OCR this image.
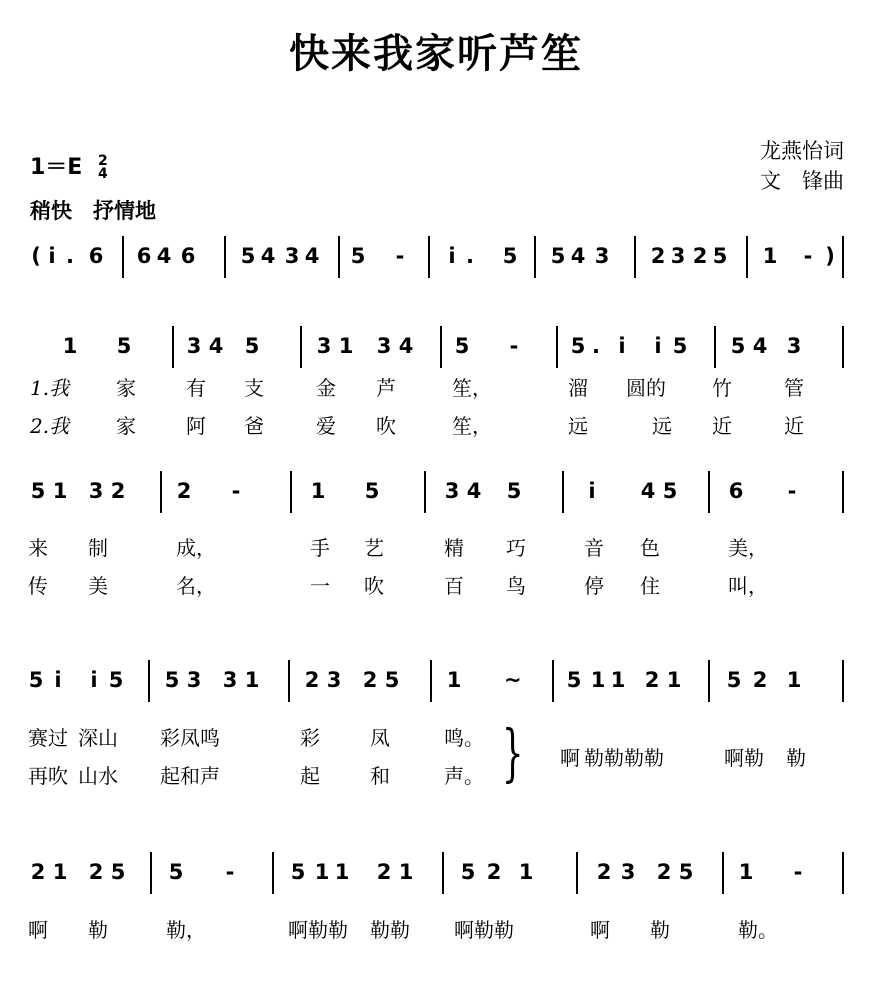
快来我家听芦笙
龙燕怡词
文　锋曲
1＝E 2
4
稍快　抒情地
( i . 6 6 4 6 5 4 3 4 5 - i . 5 5 4 3 2 3 2 5 1 - )
1 5	3 4 5	3 1 3 4 5 - 5 . i i 5 5 4 3
1.我 家	有 支	金 芦	笙，	溜 圆的 竹	管
2.我 家	阿 爸	爱 吹	笙，	远	远 近	近
5 1 3 2 2 -	1 5	3 4 5	i 4 5 6 -
来 制	成，	手 艺	精 巧	音 色	美，
传 美	名，	一 吹	百 鸟	停 住	叫，
5 i i 5 5 3 3 1 2 3 2 5 1 ~ 5 1 1 2 1 5 2 1
赛过 深山 彩凤鸣	彩	凤	鸣。
再吹 山水 起和声	起	和	声。 } 啊 勒勒勒勒	啊勒 勒
2 1 2 5 5 -	5 1 1 2 1 5 2 1	2 3 2 5 1 -
啊 勒	勒，	啊勒勒 勒勒 啊勒勒	啊 勒	勒。
